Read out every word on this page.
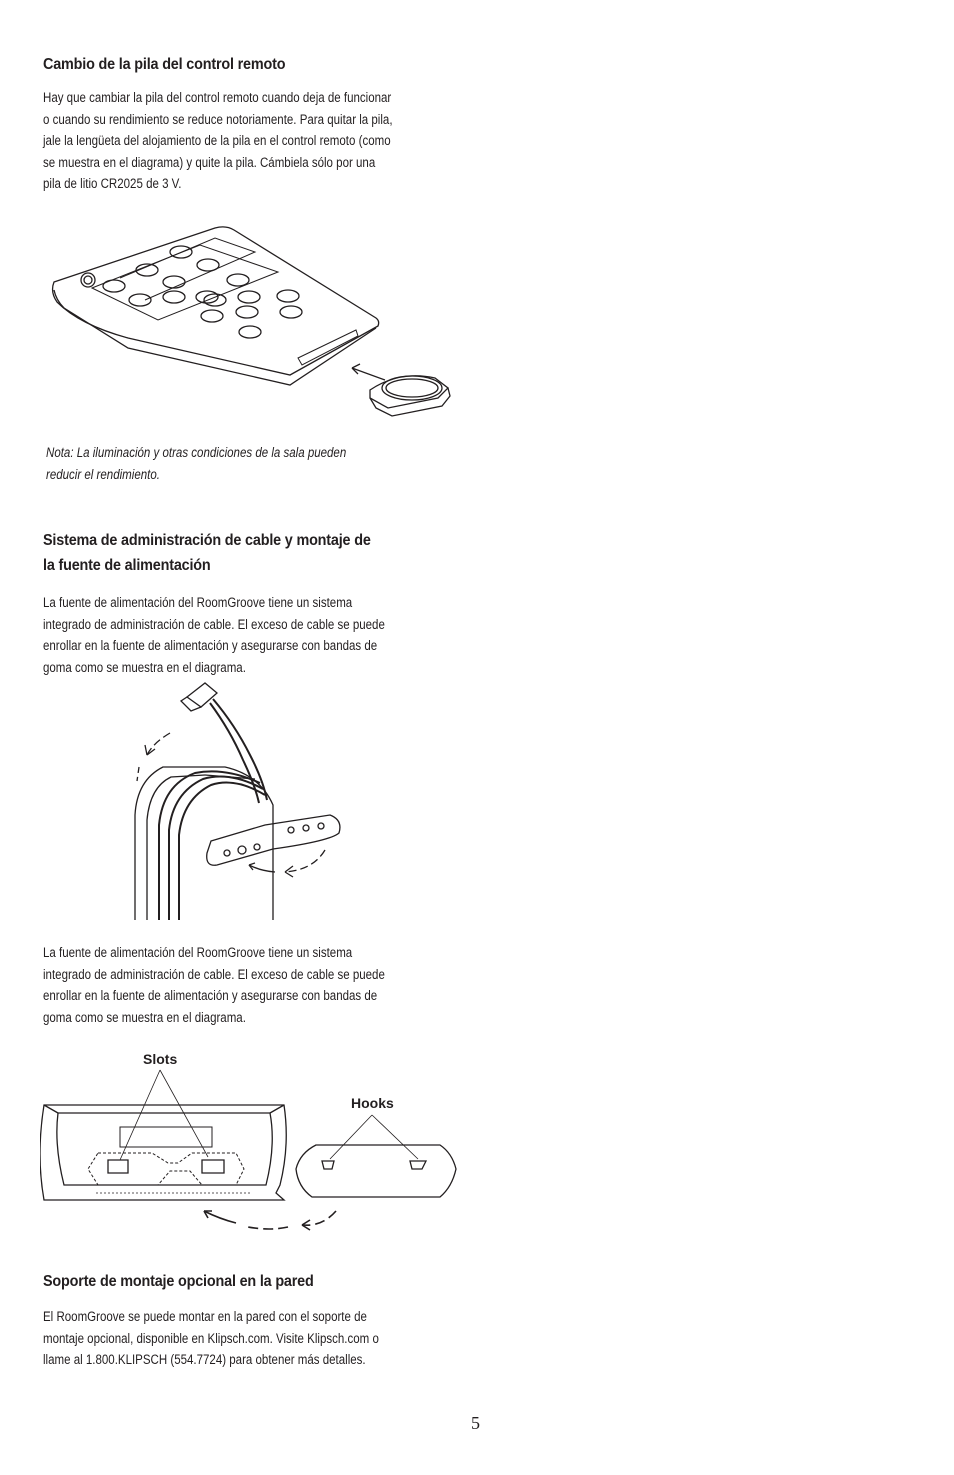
Cambio de la pila del control remoto
Hay que cambiar la pila del control remoto cuando deja de funcionar
o cuando su rendimiento se reduce notoriamente. Para quitar la pila,
jale la lengüeta del alojamiento de la pila en el control remoto (como
se muestra en el diagrama) y quite la pila. Cámbiela sólo por una
pila de litio CR2025 de 3 V.
Nota: La iluminación y otras condiciones de la sala pueden
reducir el rendimiento.
Sistema de administración de cable y montaje de
la fuente de alimentación
La fuente de alimentación del RoomGroove tiene un sistema
integrado de administración de cable. El exceso de cable se puede
enrollar en la fuente de alimentación y asegurarse con bandas de
goma como se muestra en el diagrama.
La fuente de alimentación del RoomGroove tiene un sistema
integrado de administración de cable. El exceso de cable se puede
enrollar en la fuente de alimentación y asegurarse con bandas de
goma como se muestra en el diagrama.
Slots
Hooks
Soporte de montaje opcional en la pared
El RoomGroove se puede montar en la pared con el soporte de
montaje opcional, disponible en Klipsch.com. Visite Klipsch.com o
llame al 1.800.KLIPSCH (554.7724) para obtener más detalles.
5
